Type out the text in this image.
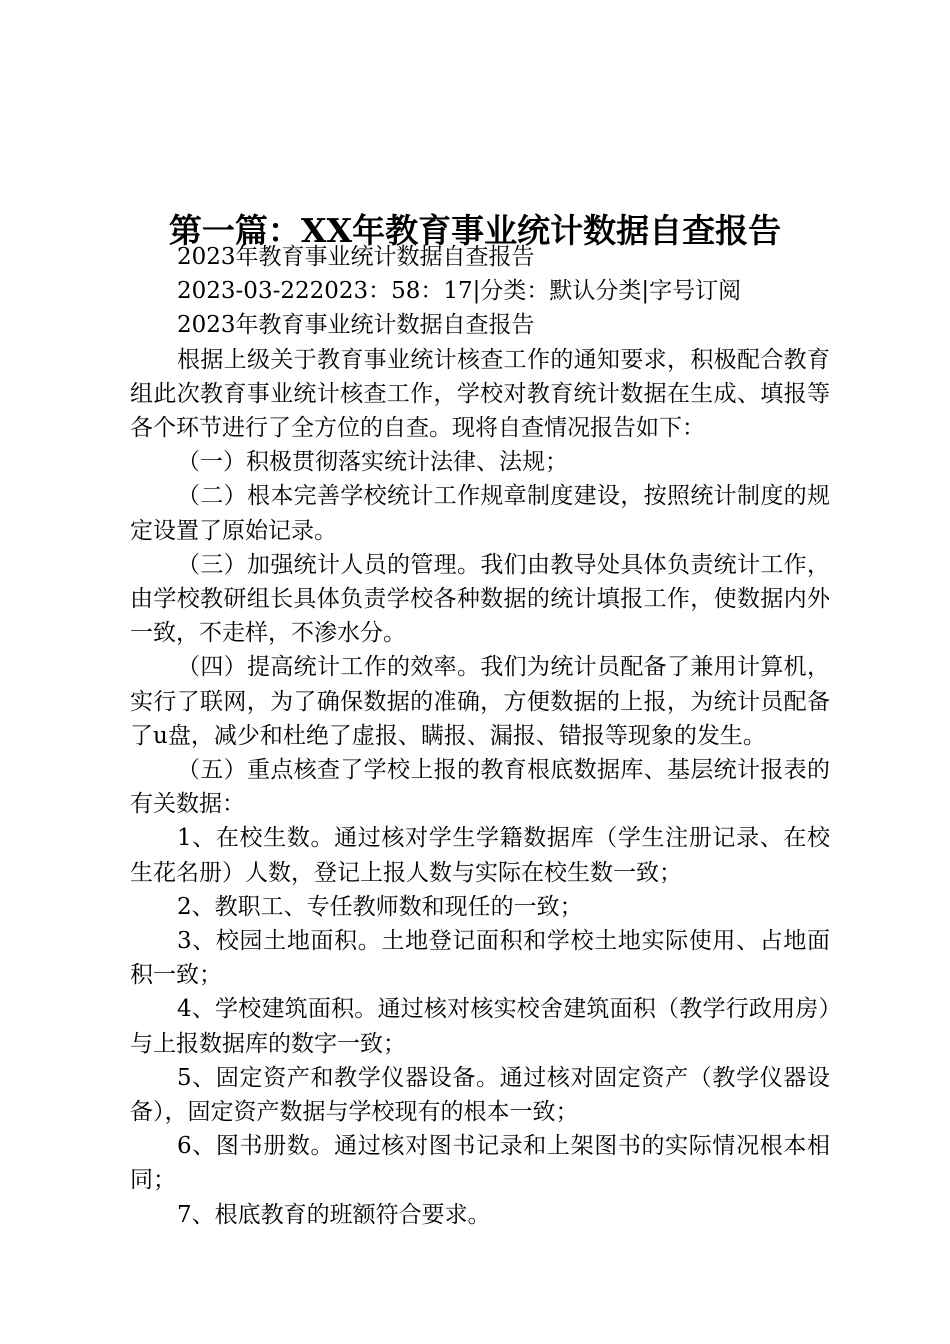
第一篇：XX年教育事业统计数据自查报告

2023年教育事业统计数据自查报告

2023-03-222023：58：17|分类：默认分类|字号订阅

2023年教育事业统计数据自查报告

根据上级关于教育事业统计核查工作的通知要求，积极配合教育组此次教育事业统计核查工作，学校对教育统计数据在生成、填报等各个环节进行了全方位的自查。现将自查情况报告如下：

（一）积极贯彻落实统计法律、法规；

（二）根本完善学校统计工作规章制度建设，按照统计制度的规定设置了原始记录。

（三）加强统计人员的管理。我们由教导处具体负责统计工作，由学校教研组长具体负责学校各种数据的统计填报工作，使数据内外一致，不走样，不渗水分。

（四）提高统计工作的效率。我们为统计员配备了兼用计算机，实行了联网，为了确保数据的准确，方便数据的上报，为统计员配备了u盘，减少和杜绝了虚报、瞒报、漏报、错报等现象的发生。

（五）重点核查了学校上报的教育根底数据库、基层统计报表的有关数据：

1、在校生数。通过核对学生学籍数据库（学生注册记录、在校生花名册）人数，登记上报人数与实际在校生数一致；

2、教职工、专任教师数和现任的一致；

3、校园土地面积。土地登记面积和学校土地实际使用、占地面积一致；

4、学校建筑面积。通过核对核实校舍建筑面积（教学行政用房）与上报数据库的数字一致；

5、固定资产和教学仪器设备。通过核对固定资产（教学仪器设备），固定资产数据与学校现有的根本一致；

6、图书册数。通过核对图书记录和上架图书的实际情况根本相同；

7、根底教育的班额符合要求。
